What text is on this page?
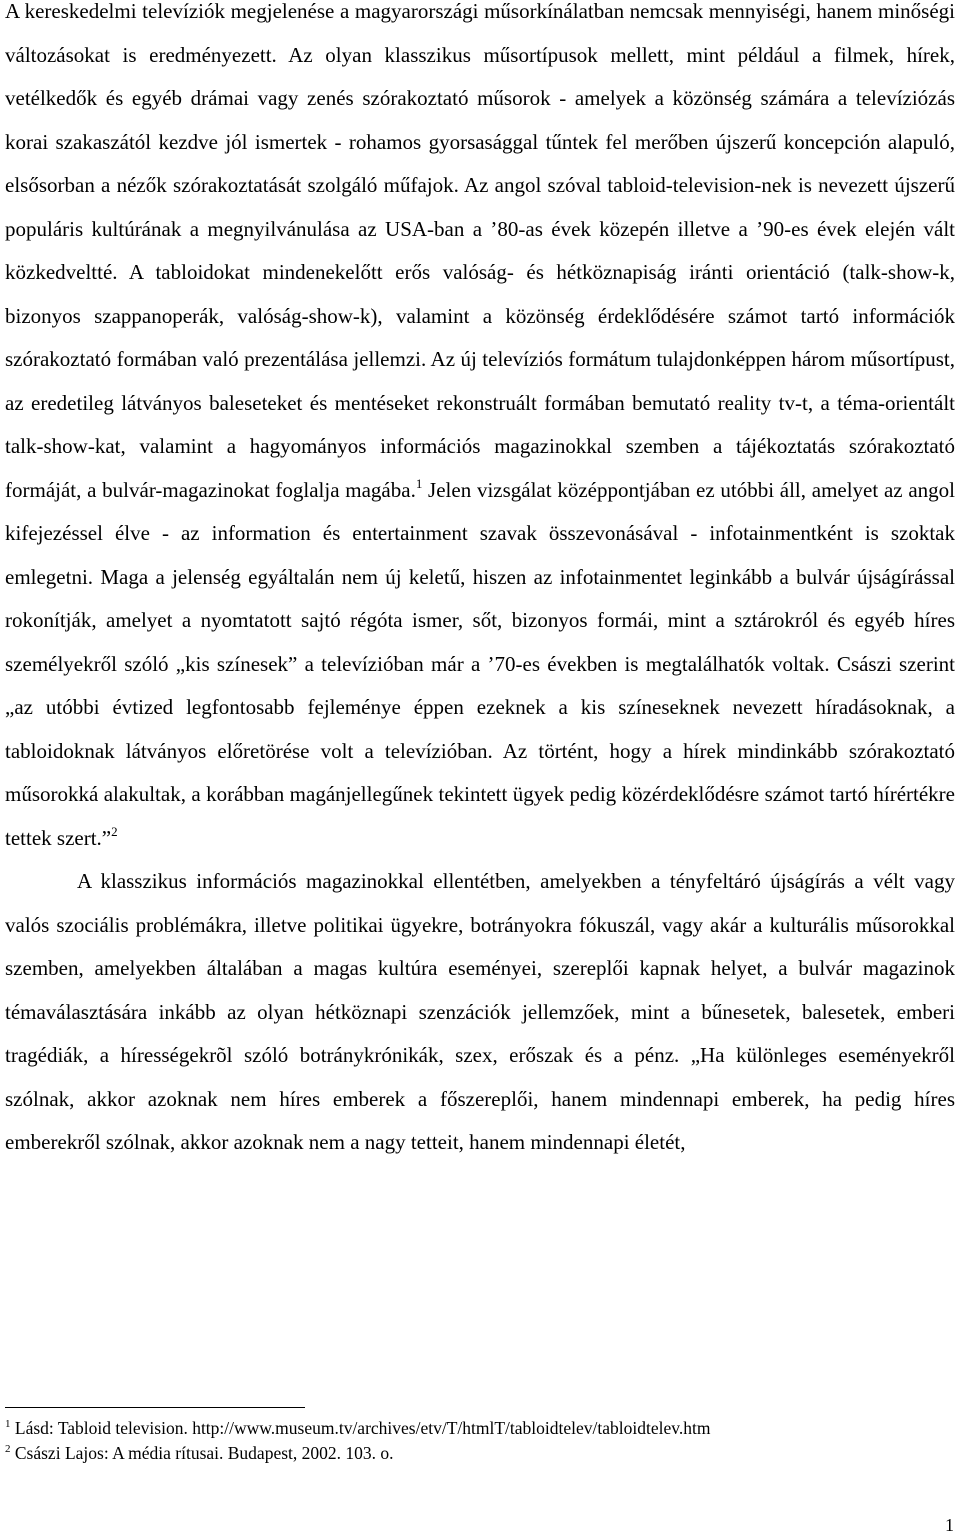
A kereskedelmi televíziók megjelenése a magyarországi műsorkínálatban nemcsak mennyiségi, hanem minőségi változásokat is eredményezett. Az olyan klasszikus műsortípusok mellett, mint például a filmek, hírek, vetélkedők és egyéb drámai vagy zenés szórakoztató műsorok - amelyek a közönség számára a televíziózás korai szakaszától kezdve jól ismertek - rohamos gyorsasággal tűntek fel merőben újszerű koncepción alapuló, elsősorban a nézők szórakoztatását szolgáló műfajok. Az angol szóval tabloid-television-nek is nevezett újszerű populáris kultúrának a megnyilvánulása az USA-ban a ’80-as évek közepén illetve a ’90-es évek elején vált közkedveltté. A tabloidokat mindenekelőtt erős valóság- és hétköznapiság iránti orientáció (talk-show-k, bizonyos szappanoperák, valóság-show-k), valamint a közönség érdeklődésére számot tartó információk szórakoztató formában való prezentálása jellemzi. Az új televíziós formátum tulajdonképpen három műsortípust, az eredetileg látványos baleseteket és mentéseket rekonstruált formában bemutató reality tv-t, a téma-orientált talk-show-kat, valamint a hagyományos információs magazinokkal szemben a tájékoztatás szórakoztató formáját, a bulvár-magazinokat foglalja magába.$^1$ Jelen vizsgálat középpontjában ez utóbbi áll, amelyet az angol kifejezéssel élve - az information és entertainment szavak összevonásával - infotainmentként is szoktak emlegetni. Maga a jelenség egyáltalán nem új keletű, hiszen az infotainmentet leginkább a bulvár újságírással rokonítják, amelyet a nyomtatott sajtó régóta ismer, sőt, bizonyos formái, mint a sztárokról és egyéb híres személyekről szóló „kis színesek” a televízióban már a ’70-es években is megtalálhatók voltak. Császi szerint „az utóbbi évtized legfontosabb fejleménye éppen ezeknek a kis színeseknek nevezett híradásoknak, a tabloidoknak látványos előretörése volt a televízióban. Az történt, hogy a hírek mindinkább szórakoztató műsorokká alakultak, a korábban magánjellegűnek tekintett ügyek pedig közérdeklődésre számot tartó hírértékre tettek szert.”$^2$

A klasszikus információs magazinokkal ellentétben, amelyekben a tényfeltáró újságírás a vélt vagy valós szociális problémákra, illetve politikai ügyekre, botrányokra fókuszál, vagy akár a kulturális műsorokkal szemben, amelyekben általában a magas kultúra eseményei, szereplői kapnak helyet, a bulvár magazinok témaválasztására inkább az olyan hétköznapi szenzációk jellemzőek, mint a bűnesetek, balesetek, emberi tragédiák, a hírességekrõl szóló botránykrónikák, szex, erőszak és a pénz. „Ha különleges eseményekről szólnak, akkor azoknak nem híres emberek a főszereplői, hanem mindennapi emberek, ha pedig híres emberekről szólnak, akkor azoknak nem a nagy tetteit, hanem mindennapi életét,

$^1$ Lásd: Tabloid television. http://www.museum.tv/archives/etv/T/htmlT/tabloidtelev/tabloidtelev.htm

$^2$ Császi Lajos: A média rítusai. Budapest, 2002. 103. o.

1
